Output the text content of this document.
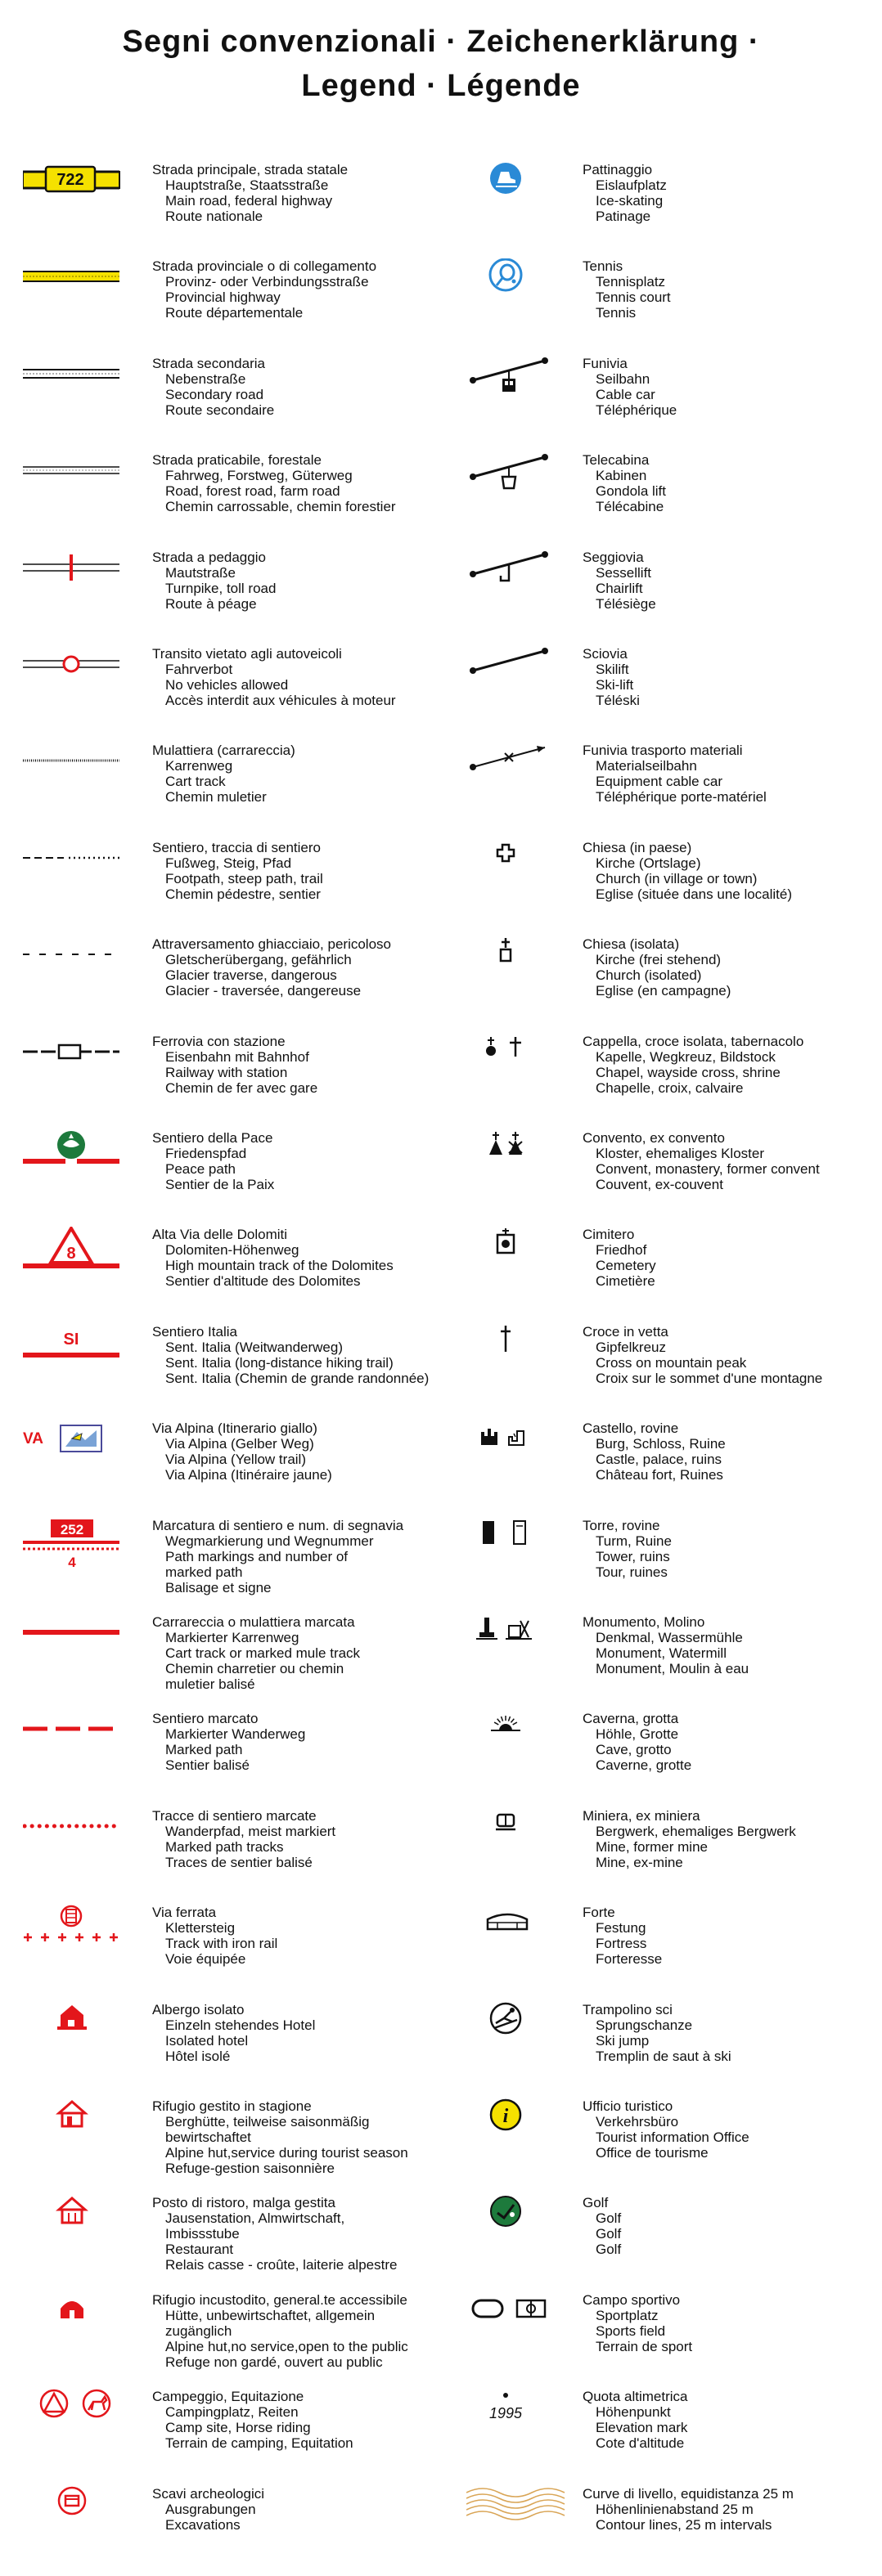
Segni convenzionali · Zeichenerklärung ·
Legend · Légende
722
Strada principale, strada statale
Hauptstraße, Staatsstraße
Main road, federal highway
Route nationale
Strada provinciale o di collegamento
Provinz- oder Verbindungsstraße
Provincial highway
Route départementale
Strada secondaria
Nebenstraße
Secondary road
Route secondaire
Strada praticabile, forestale
Fahrweg, Forstweg, Güterweg
Road, forest road, farm road
Chemin carrossable, chemin forestier
Strada a pedaggio
Mautstraße
Turnpike, toll road
Route à péage
Transito vietato agli autoveicoli
Fahrverbot
No vehicles allowed
Accès interdit aux véhicules à moteur
Mulattiera (carrareccia)
Karrenweg
Cart track
Chemin muletier
Sentiero, traccia di sentiero
Fußweg, Steig, Pfad
Footpath, steep path, trail
Chemin pédestre, sentier
Attraversamento ghiacciaio, pericoloso
Gletscherübergang, gefährlich
Glacier traverse, dangerous
Glacier - traversée, dangereuse
Ferrovia con stazione
Eisenbahn mit Bahnhof
Railway with station
Chemin de fer avec gare
Sentiero della Pace
Friedenspfad
Peace path
Sentier de la Paix
8
Alta Via delle Dolomiti
Dolomiten-Höhenweg
High mountain track of the Dolomites
Sentier d'altitude des Dolomites
SI	Sentiero Italia
Sent. Italia (Weitwanderweg)
Sent. Italia (long-distance hiking trail)
Sent. Italia (Chemin de grande randonnée)
VA
Via Alpina (Itinerario giallo)
Via Alpina (Gelber Weg)
Via Alpina (Yellow trail)
Via Alpina (Itinéraire jaune)
252
4
Marcatura di sentiero e num. di segnavia
Wegmarkierung und Wegnummer
Path markings and number of
marked path
Balisage et signe
Carrareccia o mulattiera marcata
Markierter Karrenweg
Cart track or marked mule track
Chemin charretier ou chemin
muletier balisé
Sentiero marcato
Markierter Wanderweg
Marked path
Sentier balisé
Tracce di sentiero marcate
Wanderpfad, meist markiert
Marked path tracks
Traces de sentier balisé
Via ferrata
Klettersteig
Track with iron rail
Voie équipée
Albergo isolato
Einzeln stehendes Hotel
Isolated hotel
Hôtel isolé
Rifugio gestito in stagione
Berghütte, teilweise saisonmäßig
bewirtschaftet
Alpine hut,service during tourist season
Refuge-gestion saisonnière
Posto di ristoro, malga gestita
Jausenstation, Almwirtschaft,
Imbissstube
Restaurant
Relais casse - croûte, laiterie alpestre
Rifugio incustodito, general.te accessibile
Hütte, unbewirtschaftet, allgemein
zugänglich
Alpine hut,no service,open to the public
Refuge non gardé, ouvert au public
Campeggio, Equitazione
Campingplatz, Reiten
Camp site, Horse riding
Terrain de camping, Equitation
Scavi archeologici
Ausgrabungen
Excavations
Pattinaggio
Eislaufplatz
Ice-skating
Patinage
Tennis
Tennisplatz
Tennis court
Tennis
Funivia
Seilbahn
Cable car
Téléphérique
Telecabina
Kabinen
Gondola lift
Télécabine
Seggiovia
Sessellift
Chairlift
Télésiège
Sciovia
Skilift
Ski-lift
Téléski
Funivia trasporto materiali
Materialseilbahn
Equipment cable car
Téléphérique porte-matériel
Chiesa (in paese)
Kirche (Ortslage)
Church (in village or town)
Eglise (située dans une localité)
Chiesa (isolata)
Kirche (frei stehend)
Church (isolated)
Eglise (en campagne)
Cappella, croce isolata, tabernacolo
Kapelle, Wegkreuz, Bildstock
Chapel, wayside cross, shrine
Chapelle, croix, calvaire
Convento, ex convento
Kloster, ehemaliges Kloster
Convent, monastery, former convent
Couvent, ex-couvent
Cimitero
Friedhof
Cemetery
Cimetière
Croce in vetta
Gipfelkreuz
Cross on mountain peak
Croix sur le sommet d'une montagne
Castello, rovine
Burg, Schloss, Ruine
Castle, palace, ruins
Château fort, Ruines
Torre, rovine
Turm, Ruine
Tower, ruins
Tour, ruines
Monumento, Molino
Denkmal, Wassermühle
Monument, Watermill
Monument, Moulin à eau
Caverna, grotta
Höhle, Grotte
Cave, grotto
Caverne, grotte
Miniera, ex miniera
Bergwerk, ehemaliges Bergwerk
Mine, former mine
Mine, ex-mine
Forte
Festung
Fortress
Forteresse
Trampolino sci
Sprungschanze
Ski jump
Tremplin de saut à ski
i	Ufficio turistico
Verkehrsbüro
Tourist information Office
Office de tourisme
Golf
Golf
Golf
Golf
Campo sportivo
Sportplatz
Sports field
Terrain de sport
1995
Quota altimetrica
Höhenpunkt
Elevation mark
Cote d'altitude
Curve di livello, equidistanza 25 m
Höhenlinienabstand 25 m
Contour lines, 25 m intervals
